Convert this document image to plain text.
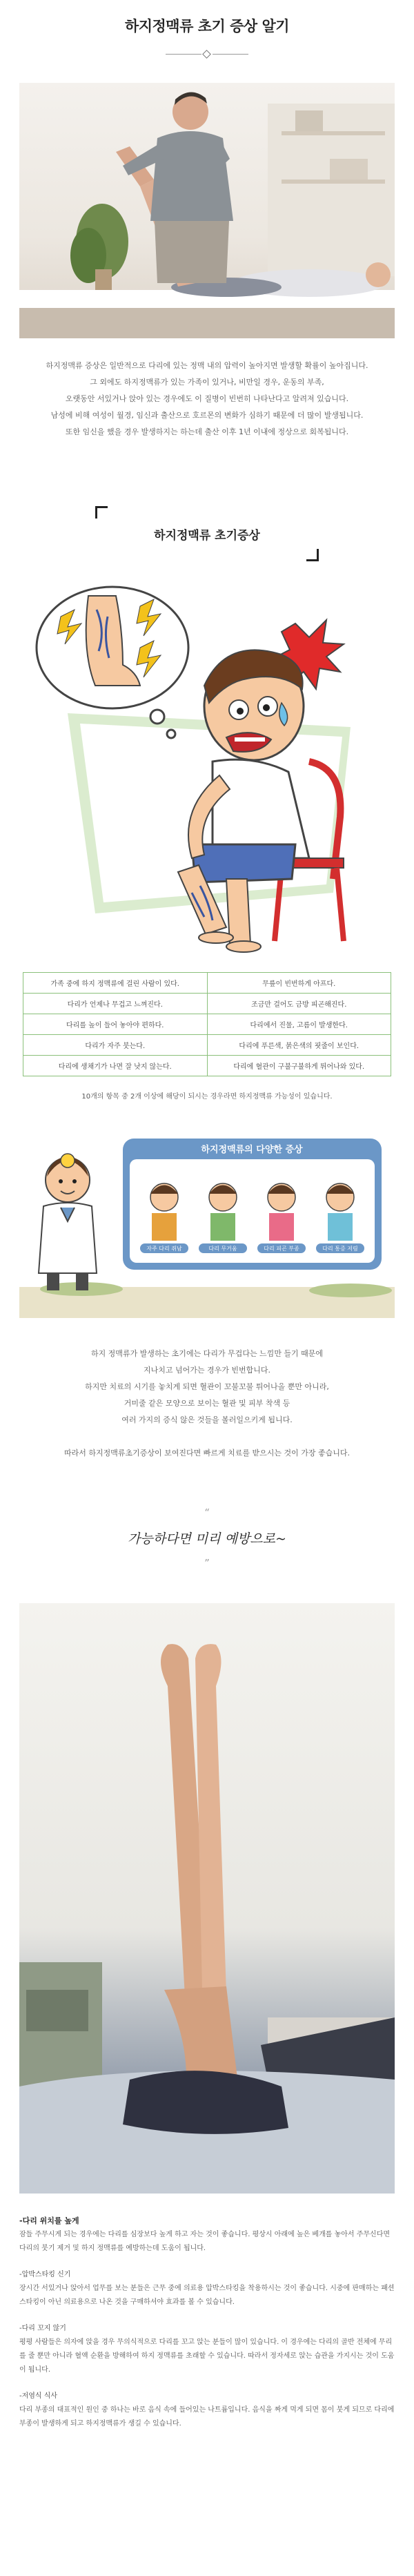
하지정맥류 초기 증상 알기

하지정맥류 증상은 일반적으로 다리에 있는 정맥 내의 압력이 높아지면 발생할 확률이 높아집니다.

그 외에도 하지정맥류가 있는 가족이 있거나, 비만일 경우, 운동의 부족,

오랫동안 서있거나 앉아 있는 경우에도 이 질병이 빈번히 나타난다고 알려져 있습니다.

남성에 비해 여성이 월경, 임신과 출산으로 호르몬의 변화가 심하기 때문에 더 많이 발생됩니다.

또한 임신을 했을 경우 발생하지는 하는데 출산 이후 1년 이내에 정상으로 회복됩니다.

하지정맥류 초기증상
가족 중에 하지 정맥류에 걸린 사람이 있다.	무릎이 빈번하게 아프다.
다리가 언제나 무겁고 느껴진다.	조금만 걸어도 금방 피곤해진다.
다리를 높이 들어 놓아야 편하다.	다리에서 진물, 고름이 발생한다.
다리가 자주 붓는다.	다리에 푸른색, 붉은색의 핏줄이 보인다.
다리에 생채기가 나면 잘 낫지 않는다.	다리에 혈관이 구불구불하게 튀어나와 있다.

10개의 항목 중 2개 이상에 해당이 되시는 경우라면 하지정맥류 가능성이 있습니다.

하지정맥류의 다양한 증상
자주 다리 쥐남	다리 무거움	다리 피곤 부종	다리 통증 저림

하지 정맥류가 발생하는 초기에는 다리가 무겁다는 느낌만 들기 때문에

지나치고 넘어가는 경우가 빈번합니다.

하지만 치료의 시기를 놓치게 되면 혈관이 꼬불꼬불 튀어나올 뿐만 아니라,

거미줄 같은 모양으로 보이는 혈관 및 피부 착색 등

여러 가지의 증식 않은 것들을 볼러일으키게 됩니다.

따라서 하지정맥류초기증상이 보여진다면 빠르게 치료를 받으시는 것이 가장 좋습니다.

“
가능하다면 미리 예방으로~
”

-다리 위치를 높게

잠들 주무시게 되는 경우에는 다리를 심장보다 높게 하고 자는 것이 좋습니다. 평상시 아래에 높은 베개를 놓아서 주무신다면 다리의 붓기 제거 및 하지 정맥류를 예방하는데 도움이 됩니다.

-압박스타킹 신기

장시간 서있거나 앉아서 업무를 보는 분들은 근무 중에 의료용 압박스타킹을 착용하시는 것이 좋습니다. 시중에 판매하는 패션 스타킹이 아닌 의료용으로 나온 것을 구매하셔야 효과를 볼 수 있습니다.

-다리 꼬지 않기

평평 사람들은 의자에 앉을 경우 무의식적으로 다리를 꼬고 앉는 분들이 많이 있습니다. 이 경우에는 다리의 골반 전체에 무리를 줄 뿐만 아니라 혈액 순환을 방해하여 하지 정맥류를 초래할 수 있습니다. 따라서 정자세로 앉는 습관을 가지시는 것이 도움이 됩니다.

-저염식 식사

다리 부종의 대표적인 원인 중 하나는 바로 음식 속에 들어있는 나트륨입니다. 음식을 짜게 먹게 되면 몸이 붓게 되므로 다리에 부종이 발생하게 되고 하지정맥류가 생길 수 있습니다.
